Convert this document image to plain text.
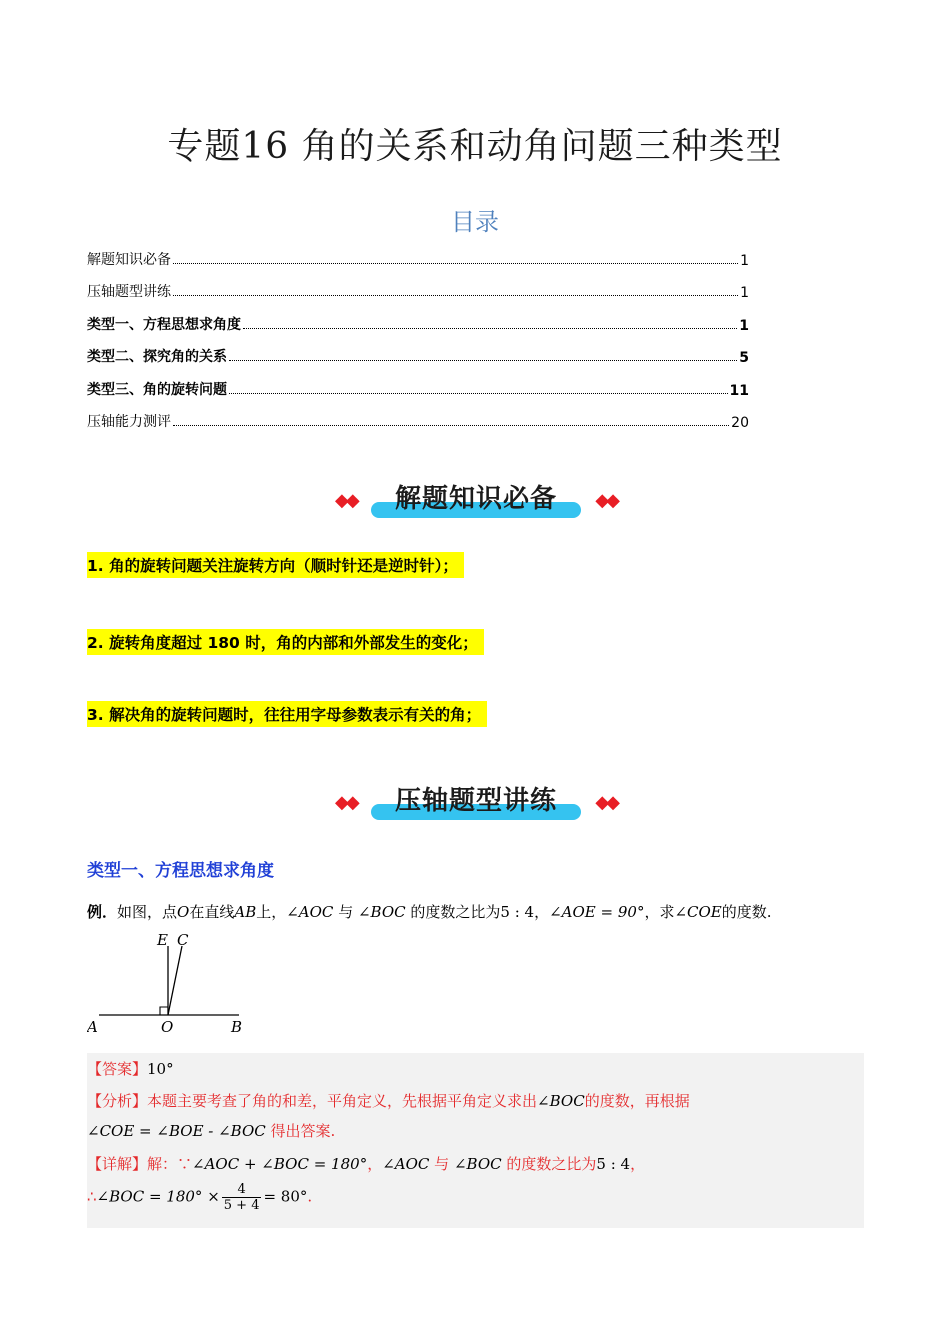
专题16 角的关系和动角问题三种类型
目录
解题知识必备	1
压轴题型讲练	1
类型一、方程思想求角度	1
类型二、探究角的关系	5
类型三、角的旋转问题	11
压轴能力测评	20
◆◆	解题知识必备	◆◆
1. 角的旋转问题关注旋转方向（顺时针还是逆时针）；
2. 旋转角度超过 180 时，角的内部和外部发生的变化；
3. 解决角的旋转问题时，往往用字母参数表示有关的角；
◆◆	压轴题型讲练	◆◆
类型一、方程思想求角度
例．如图，点O在直线AB上，∠AOC 与 ∠BOC 的度数之比为5 : 4，∠AOE = 90°，求∠COE的度数.
E C
A	O	B
【答案】10°
【分析】本题主要考查了角的和差，平角定义，先根据平角定义求出∠BOC的度数，再根据
∠COE = ∠BOE - ∠BOC 得出答案.
【详解】解：∵∠AOC + ∠BOC = 180°，∠AOC 与 ∠BOC 的度数之比为5 : 4，
∴∠BOC = $180^\circ \times \frac{4}{5 + 4} = 80^\circ$.
